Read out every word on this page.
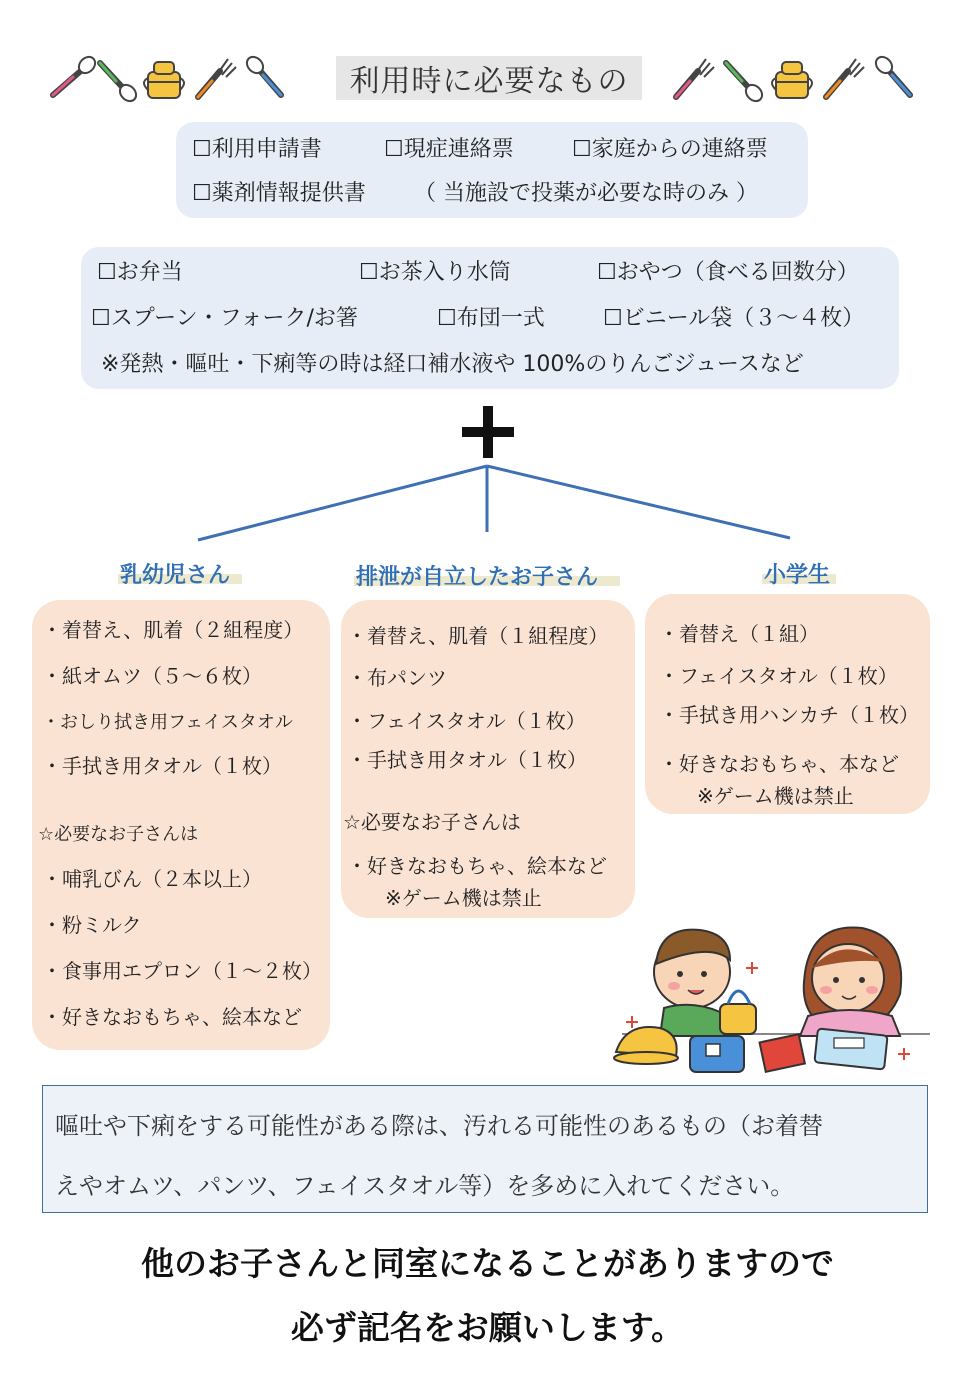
利用時に必要なもの
☐利用申請書	☐現症連絡票	☐家庭からの連絡票
☐薬剤情報提供書 （ 当施設で投薬が必要な時のみ ）
☐お弁当	☐お茶入り水筒	☐おやつ（食べる回数分）
☐スプーン・フォーク/お箸	☐布団一式	☐ビニール袋（３～４枚）
※発熱・嘔吐・下痢等の時は経口補水液や 100%のりんごジュースなど
乳幼児さん	排泄が自立したお子さん	小学生
・着替え、肌着（２組程度）
・紙オムツ（５～６枚）
・おしり拭き用フェイスタオル
・手拭き用タオル（１枚）
☆必要なお子さんは
・哺乳びん（２本以上）
・粉ミルク
・食事用エプロン（１～２枚）
・好きなおもちゃ、絵本など
・着替え、肌着（１組程度）
・布パンツ
・フェイスタオル（１枚）
・手拭き用タオル（１枚）
☆必要なお子さんは
・好きなおもちゃ、絵本など
※ゲーム機は禁止
・着替え（１組）
・フェイスタオル（１枚）
・手拭き用ハンカチ（１枚）
・好きなおもちゃ、本など
※ゲーム機は禁止
嘔吐や下痢をする可能性がある際は、汚れる可能性のあるもの（お着替
えやオムツ、パンツ、フェイスタオル等）を多めに入れてください。
他のお子さんと同室になることがありますので
必ず記名をお願いします。
